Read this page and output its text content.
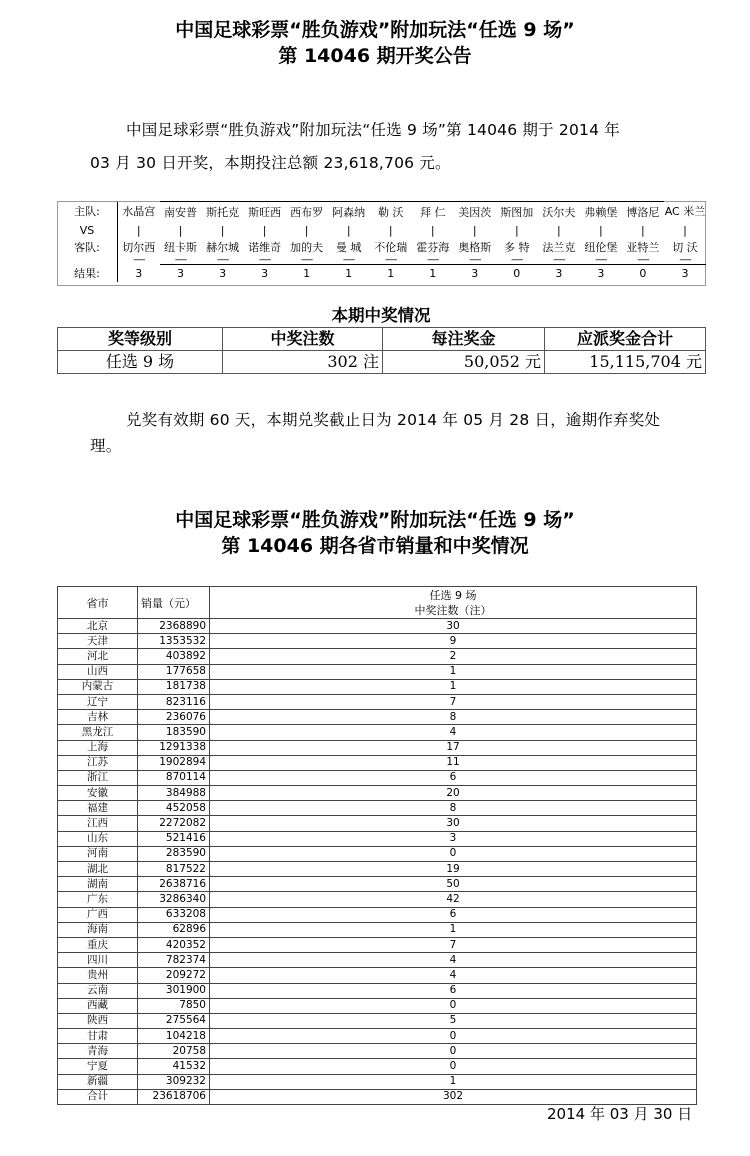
中国足球彩票“胜负游戏”附加玩法“任选 9 场”
第 14046 期开奖公告
中国足球彩票“胜负游戏”附加玩法“任选 9 场”第 14046 期于 2014 年
03 月 30 日开奖，本期投注总额 23,618,706 元。
主队:	水晶宫	南安普	斯托克	斯旺西	西布罗	阿森纳	勒 沃	拜 仁	美因茨	斯图加	沃尔夫	弗赖堡	博洛尼	AC 米兰
VS	|	|	|	|	|	|	|	|	|	|	|	|	|	|
客队:	切尔西	纽卡斯	赫尔城	诺维奇	加的夫	曼 城	不伦瑞	霍芬海	奥格斯	多 特	法兰克	纽伦堡	亚特兰	切 沃
	-----	-----	-----	-----	-----	-----	-----	-----	-----	-----	-----	-----	-----	-----
结果:	3	3	3	3	1	1	1	1	3	0	3	3	0	3
本期中奖情况
奖等级别	中奖注数	每注奖金	应派奖金合计
任选 9 场	302 注	50,052 元	15,115,704 元
兑奖有效期 60 天，本期兑奖截止日为 2014 年 05 月 28 日，逾期作弃奖处
理。
中国足球彩票“胜负游戏”附加玩法“任选 9 场”
第 14046 期各省市销量和中奖情况
省市	销量（元）	任选 9 场
中奖注数（注）

北京	2368890	30
天津	1353532	9
河北	403892	2
山西	177658	1
内蒙古	181738	1
辽宁	823116	7
吉林	236076	8
黑龙江	183590	4
上海	1291338	17
江苏	1902894	11
浙江	870114	6
安徽	384988	20
福建	452058	8
江西	2272082	30
山东	521416	3
河南	283590	0
湖北	817522	19
湖南	2638716	50
广东	3286340	42
广西	633208	6
海南	62896	1
重庆	420352	7
四川	782374	4
贵州	209272	4
云南	301900	6
西藏	7850	0
陕西	275564	5
甘肃	104218	0
青海	20758	0
宁夏	41532	0
新疆	309232	1
合计	23618706	302
2014 年 03 月 30 日
